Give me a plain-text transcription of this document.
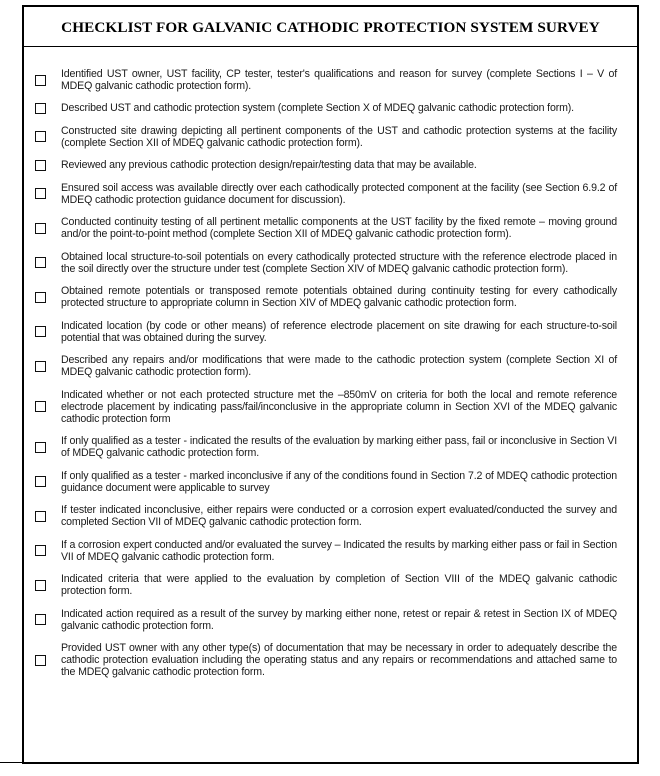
CHECKLIST FOR GALVANIC CATHODIC PROTECTION SYSTEM SURVEY
Identified UST owner, UST facility, CP tester, tester's qualifications and reason for survey (complete Sections I – V of MDEQ galvanic cathodic protection form).
Described UST and cathodic protection system (complete Section X of MDEQ galvanic cathodic protection form).
Constructed site drawing depicting all pertinent components of the UST and cathodic protection systems at the facility (complete Section XII of MDEQ galvanic cathodic protection form).
Reviewed any previous cathodic protection design/repair/testing data that may be available.
Ensured soil access was available directly over each cathodically protected component at the facility (see Section 6.9.2 of MDEQ cathodic protection guidance document for discussion).
Conducted continuity testing of all pertinent metallic components at the UST facility by the fixed remote – moving ground and/or the point-to-point method (complete Section XII of MDEQ galvanic cathodic protection form).
Obtained local structure-to-soil potentials on every cathodically protected structure with the reference electrode placed in the soil directly over the structure under test (complete Section XIV of MDEQ galvanic cathodic protection form).
Obtained remote potentials or transposed remote potentials obtained during continuity testing for every cathodically protected structure to appropriate column in Section XIV of MDEQ galvanic cathodic protection form.
Indicated location (by code or other means) of reference electrode placement on site drawing for each structure-to-soil potential that was obtained during the survey.
Described any repairs and/or modifications that were made to the cathodic protection system (complete Section XI of MDEQ galvanic cathodic protection form).
Indicated whether or not each protected structure met the –850mV on criteria for both the local and remote reference electrode placement by indicating pass/fail/inconclusive in the appropriate column in Section XVI of the MDEQ galvanic cathodic protection form
If only qualified as a tester - indicated the results of the evaluation by marking either pass, fail or inconclusive in Section VI of MDEQ galvanic cathodic protection form.
If only qualified as a tester - marked inconclusive if any of the conditions found in Section 7.2 of MDEQ cathodic protection guidance document were applicable to survey
If tester indicated inconclusive, either repairs were conducted or a corrosion expert evaluated/conducted the survey and completed Section VII of MDEQ galvanic cathodic protection form.
If a corrosion expert conducted and/or evaluated the survey – Indicated the results by marking either pass or fail in Section VII of MDEQ galvanic cathodic protection form.
Indicated criteria that were applied to the evaluation by completion of Section VIII of the MDEQ galvanic cathodic protection form.
Indicated action required as a result of the survey by marking either none, retest or repair & retest in Section IX of MDEQ galvanic cathodic protection form.
Provided UST owner with any other type(s) of documentation that may be necessary in order to adequately describe the cathodic protection evaluation including the operating status and any repairs or recommendations and attached same to the MDEQ galvanic cathodic protection form.
